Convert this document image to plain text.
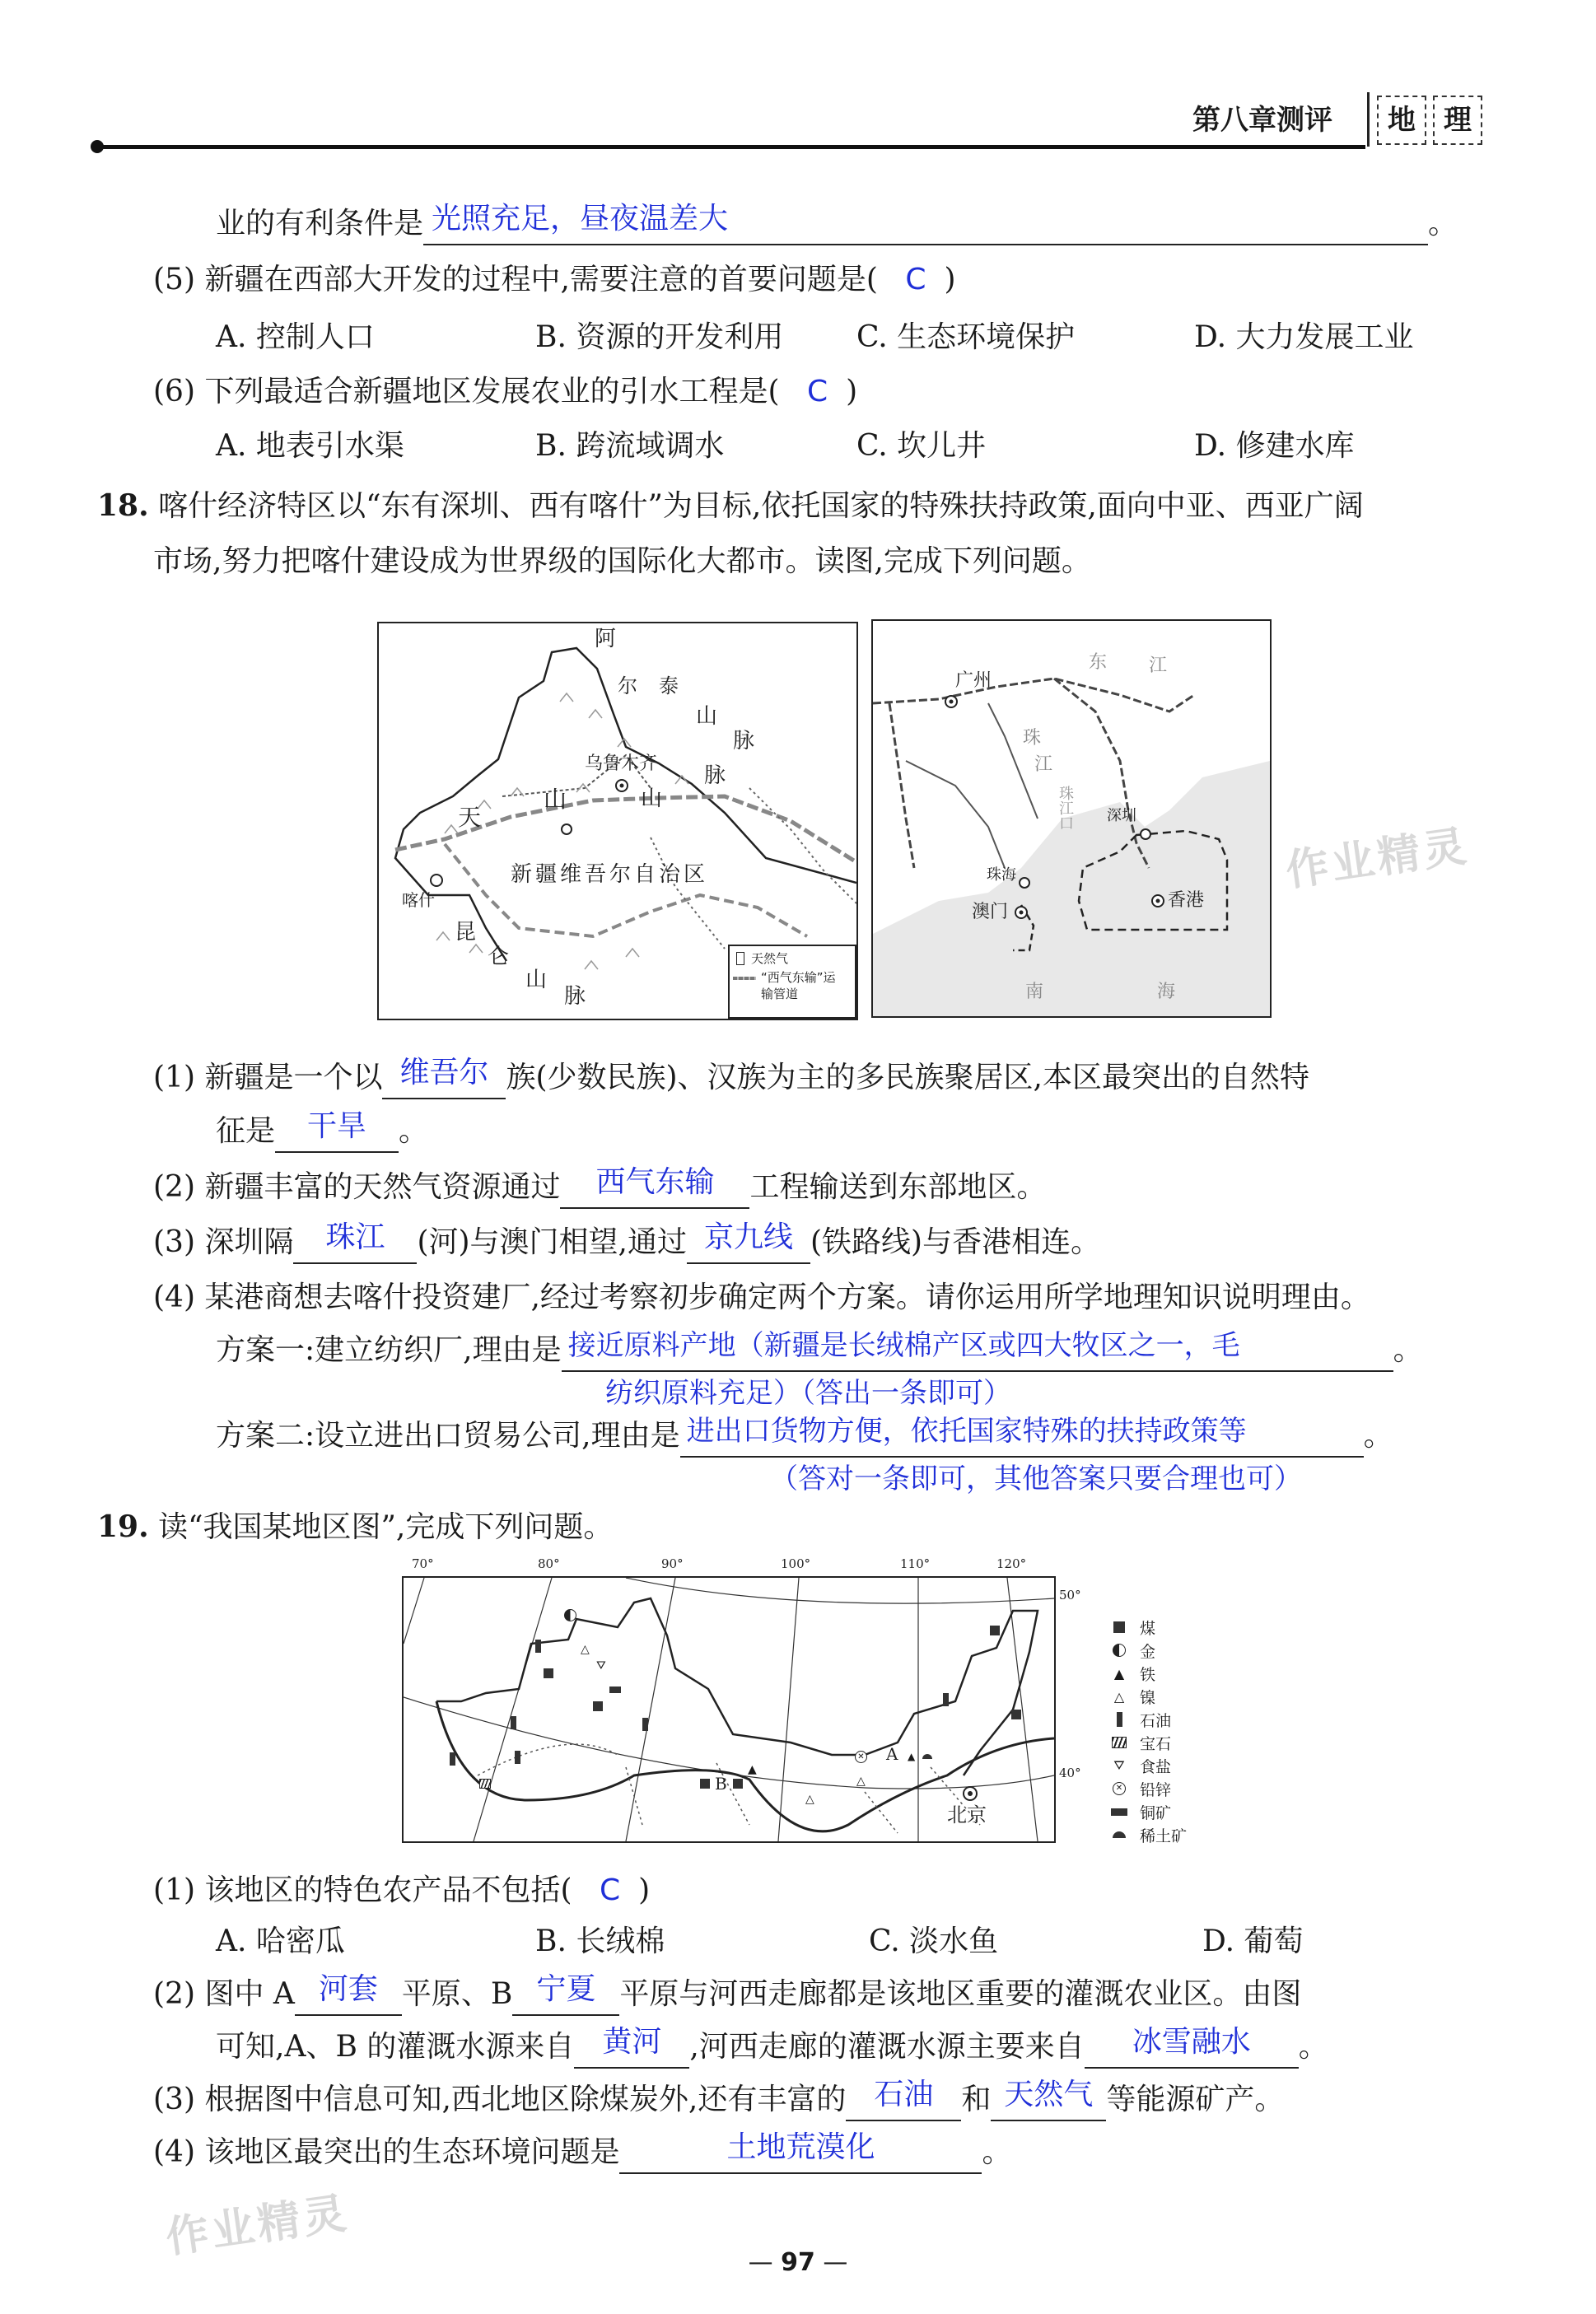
第八章测评	地	理
业的有利条件是 光照充足，昼夜温差大	。
(5) 新疆在西部大开发的过程中,需要注意的首要问题是( C )
A. 控制人口	B. 资源的开发利用 C. 生态环境保护	D. 大力发展工业
(6) 下列最适合新疆地区发展农业的引水工程是( C )
A. 地表引水渠	B. 跨流域调水	C. 坎儿井	D. 修建水库
18. 喀什经济特区以“东有深圳、西有喀什”为目标,依托国家的特殊扶持政策,面向中亚、西亚广阔
市场,努力把喀什建设成为世界级的国际化大都市。读图,完成下列问题。
阿
尔 泰
山
脉
乌鲁木齐
山
脉
天
山
新疆维吾尔自治区
喀什
昆
仑
山
脉
天然气
“西气东输”运输管道
广州
东 江
珠
江
珠江口 深圳
珠海
澳门
香港
南	海
(1) 新疆是一个以 维吾尔 族(少数民族)、汉族为主的多民族聚居区,本区最突出的自然特
征是 干旱 。
(2) 新疆丰富的天然气资源通过 西气东输 工程输送到东部地区。
(3) 深圳隔 珠江 (河)与澳门相望,通过 京九线 (铁路线)与香港相连。
(4) 某港商想去喀什投资建厂,经过考察初步确定两个方案。请你运用所学地理知识说明理由。
方案一:建立纺织厂,理由是 接近原料产地（新疆是长绒棉产区或四大牧区之一，毛	。
纺织原料充足）（答出一条即可）
方案二:设立进出口贸易公司,理由是 进出口货物方便，依托国家特殊的扶持政策等	。
（答对一条即可，其他答案只要合理也可）
19. 读“我国某地区图”,完成下列问题。
70°	80°	90°	100°	110°	120°
50°
40°
▲
▲
△
△
⛛
△
✕ A
B
北京
煤
金
▲ 铁
△ 镍
石油
宝石
⛛ 食盐
✕ 铅锌
铜矿
稀土矿
(1) 该地区的特色农产品不包括( C )
A. 哈密瓜	B. 长绒棉	C. 淡水鱼	D. 葡萄
(2) 图中 A 河套 平原、B 宁夏 平原与河西走廊都是该地区重要的灌溉农业区。由图
可知,A、B 的灌溉水源来自 黄河 ,河西走廊的灌溉水源主要来自 冰雪融水 。
(3) 根据图中信息可知,西北地区除煤炭外,还有丰富的 石油 和 天然气 等能源矿产。
(4) 该地区最突出的生态环境问题是	土地荒漠化	。
作业精灵
作业精灵	— 97 —
